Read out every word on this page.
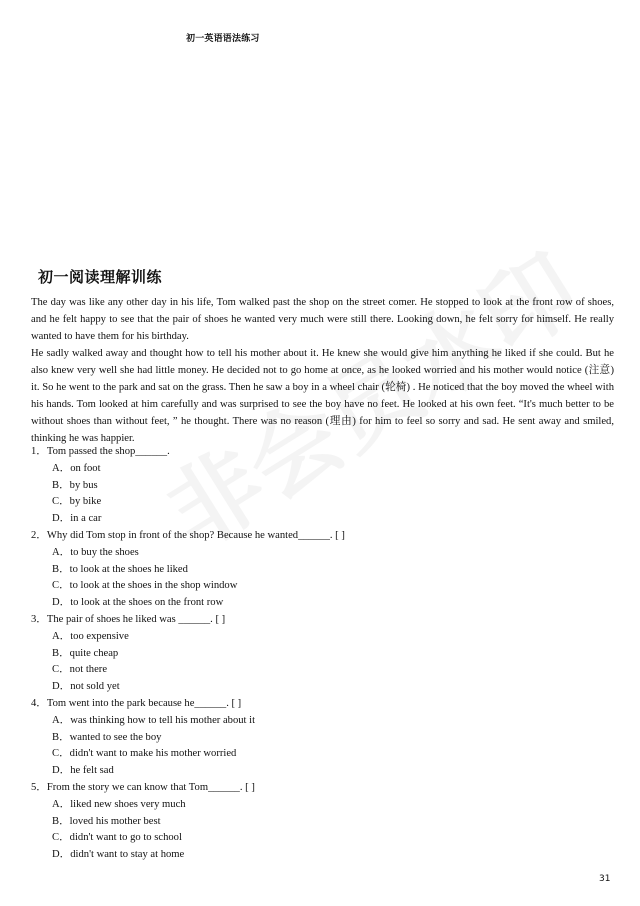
初一英语语法练习
初一阅读理解训练

The day was like any other day in his life, Tom walked past the shop on the street comer. He stopped to look at the front row of shoes, and he felt happy to see that the pair of shoes he wanted very much were still there. Looking down, he felt sorry for himself. He really wanted to have them for his birthday.

He sadly walked away and thought how to tell his mother about it. He knew she would give him anything he liked if she could. But he also knew very well she had little money. He decided not to go home at once, as he looked worried and his mother would notice (注意) it. So he went to the park and sat on the grass. Then he saw a boy in a wheel chair (轮椅) . He noticed that the boy moved the wheel with his hands. Tom looked at him carefully and was surprised to see the boy have no feet. He looked at his own feet. “It's much better to be without shoes than without feet, ” he thought. There was no reason (理由) for him to feel so sorry and sad. He sent away and smiled, thinking he was happier.

1．Tom passed the shop______.

A．on foot
B．by bus
C．by bike
D．in a car

2．Why did Tom stop in front of the shop? Because he wanted______. [ ]

A．to buy the shoes
B．to look at the shoes he liked
C．to look at the shoes in the shop window
D．to look at the shoes on the front row

3．The pair of shoes he liked was ______. [ ]

A．too expensive
B．quite cheap
C．not there
D．not sold yet

4．Tom went into the park because he______. [ ]

A．was thinking how to tell his mother about it
B．wanted to see the boy
C．didn't want to make his mother worried
D．he felt sad

5．From the story we can know that Tom______. [ ]

A．liked new shoes very much
B．loved his mother best
C．didn't want to go to school
D．didn't want to stay at home
31
